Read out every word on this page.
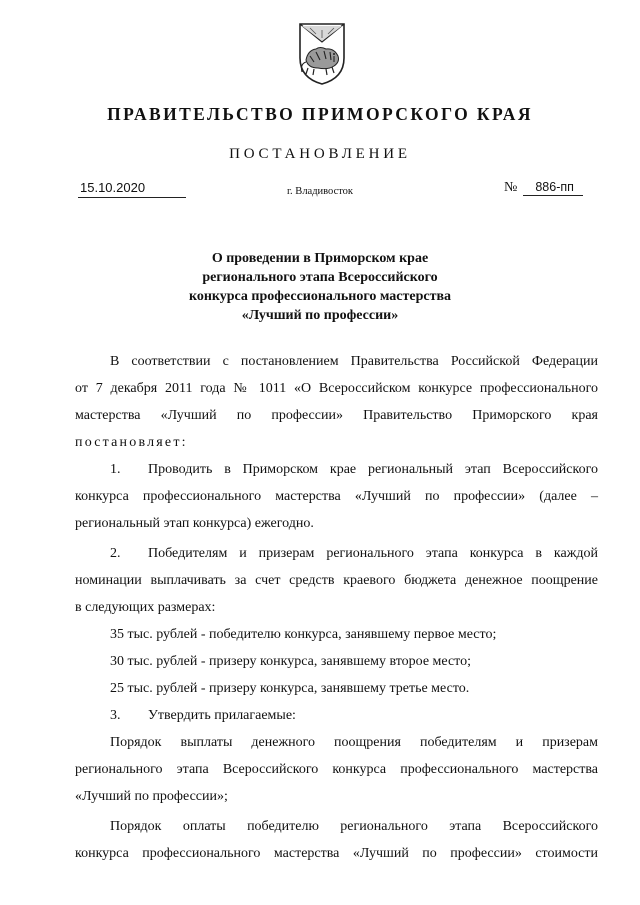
ПРАВИТЕЛЬСТВО ПРИМОРСКОГО КРАЯ
ПОСТАНОВЛЕНИЕ
15.10.2020	г. Владивосток	№	886-пп
О проведении в Приморском крае
регионального этапа Всероссийского
конкурса профессионального мастерства
«Лучший по профессии»
В соответствии с постановлением Правительства Российской Федерации
от 7 декабря 2011 года № 1011 «О Всероссийском конкурсе профессионального
мастерства «Лучший по профессии» Правительство Приморского края
постановляет:
1.	Проводить в Приморском крае региональный этап Всероссийского
конкурса профессионального мастерства «Лучший по профессии» (далее –
региональный этап конкурса) ежегодно.
2.	Победителям и призерам регионального этапа конкурса в каждой
номинации выплачивать за счет средств краевого бюджета денежное поощрение
в следующих размерах:
35 тыс. рублей - победителю конкурса, занявшему первое место;
30 тыс. рублей - призеру конкурса, занявшему второе место;
25 тыс. рублей - призеру конкурса, занявшему третье место.
3.	Утвердить прилагаемые:
Порядок выплаты денежного поощрения победителям и призерам
регионального этапа Всероссийского конкурса профессионального мастерства
«Лучший по профессии»;
Порядок оплаты победителю регионального этапа Всероссийского
конкурса профессионального мастерства «Лучший по профессии» стоимости
